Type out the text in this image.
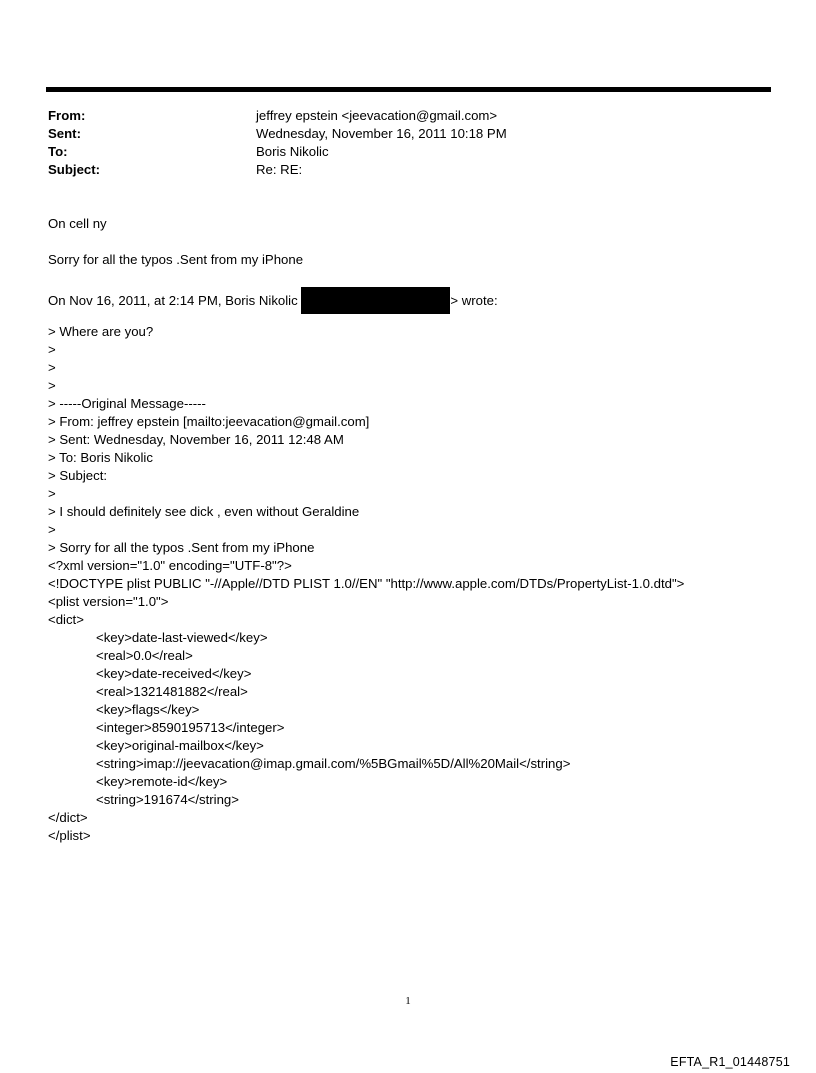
From:	jeffrey epstein <jeevacation@gmail.com>
Sent:	Wednesday, November 16, 2011 10:18 PM
To:	Boris Nikolic
Subject:	Re: RE:
On cell ny
Sorry for all the typos .Sent from my iPhone
On Nov 16, 2011, at 2:14 PM, Boris Nikolic	> wrote:
> Where are you?
>
>
>
> -----Original Message-----
> From: jeffrey epstein [mailto:jeevacation@gmail.com]
> Sent: Wednesday, November 16, 2011 12:48 AM
> To: Boris Nikolic
> Subject:
>
> I should definitely see dick , even without Geraldine
>
> Sorry for all the typos .Sent from my iPhone
<?xml version="1.0" encoding="UTF-8"?>
<!DOCTYPE plist PUBLIC "-//Apple//DTD PLIST 1.0//EN" "http://www.apple.com/DTDs/PropertyList-1.0.dtd">
<plist version="1.0">
<dict>
<key>date-last-viewed</key>
<real>0.0</real>
<key>date-received</key>
<real>1321481882</real>
<key>flags</key>
<integer>8590195713</integer>
<key>original-mailbox</key>
<string>imap://jeevacation@imap.gmail.com/%5BGmail%5D/All%20Mail</string>
<key>remote-id</key>
<string>191674</string>
</dict>
</plist>
1
EFTA_R1_01448751
